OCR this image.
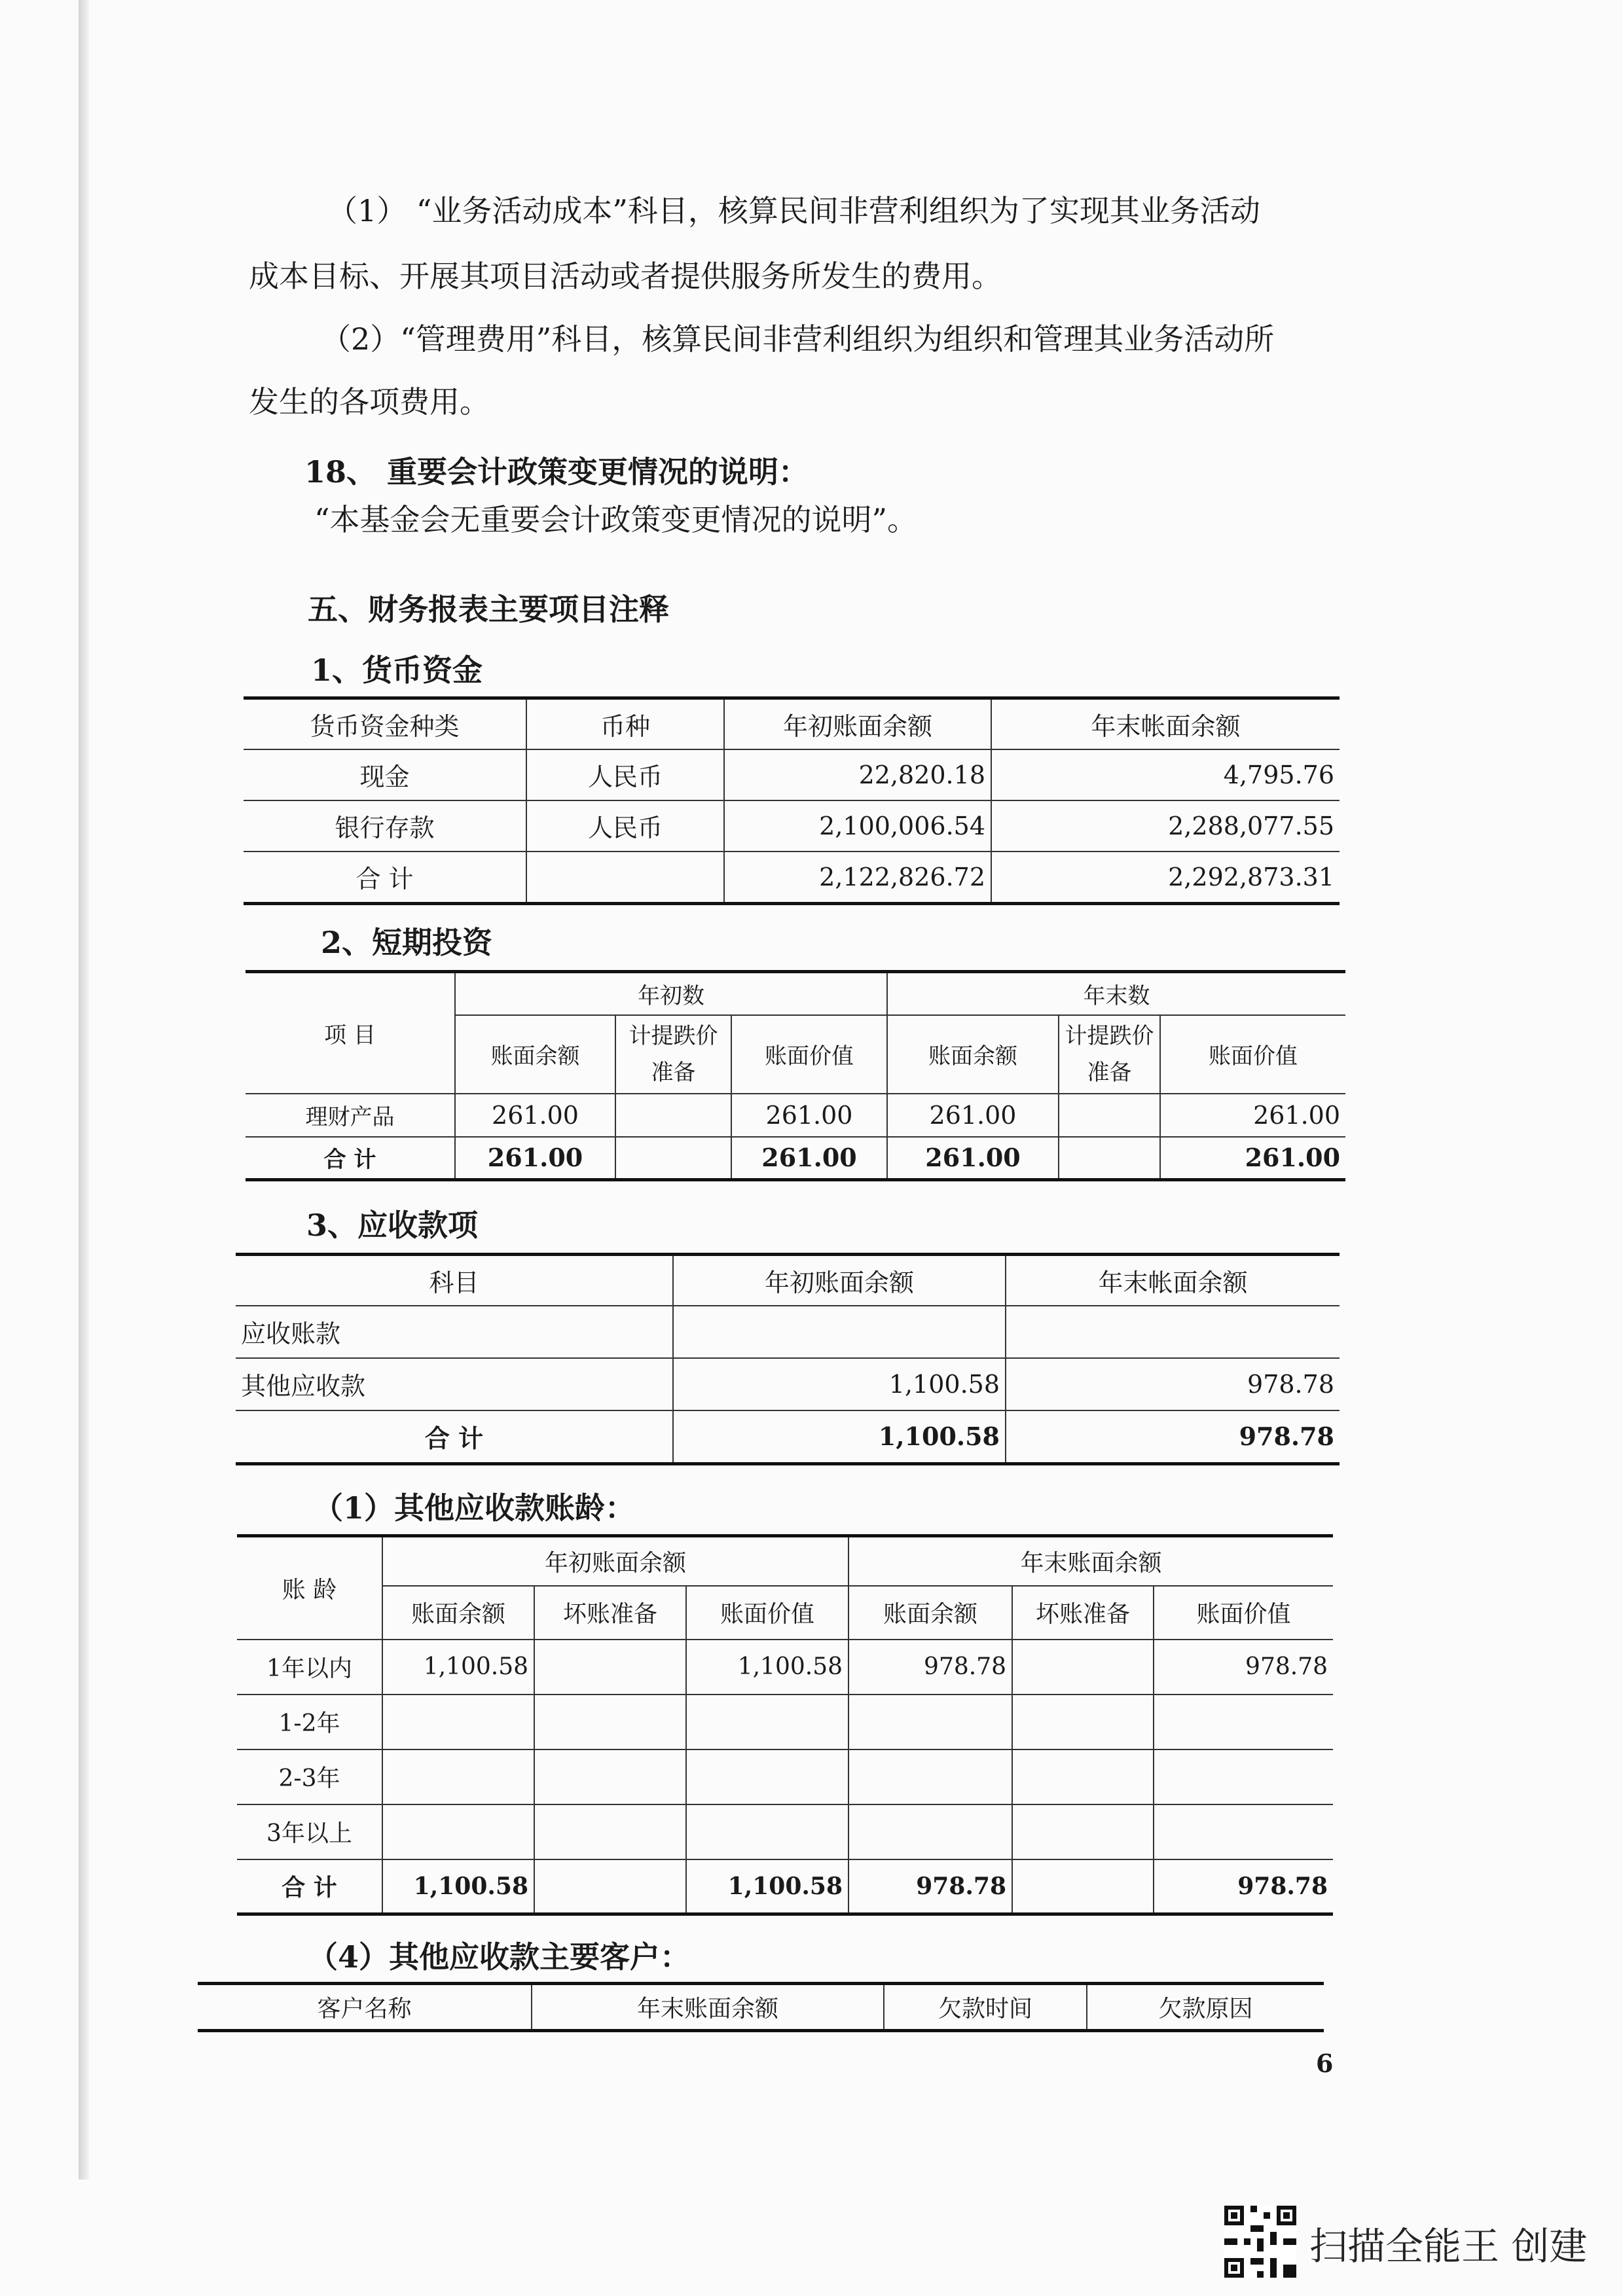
（1） “业务活动成本”科目，核算民间非营利组织为了实现其业务活动
成本目标、开展其项目活动或者提供服务所发生的费用。
（2）“管理费用”科目，核算民间非营利组织为组织和管理其业务活动所
发生的各项费用。
18、 重要会计政策变更情况的说明：
“本基金会无重要会计政策变更情况的说明”。
五、财务报表主要项目注释
1、货币资金
货币资金种类	币种	年初账面余额	年末帐面余额
现金	人民币	22,820.18	4,795.76
银行存款	人民币	2,100,006.54	2,288,077.55
合 计		2,122,826.72	2,292,873.31
2、短期投资
项 目	年初数			年末数		
	账面余额	计提跌价准备	账面价值	账面余额	计提跌价准备	账面价值
理财产品	261.00		261.00	261.00		261.00
合 计	261.00		261.00	261.00		261.00
3、应收款项
科目	年初账面余额	年末帐面余额
应收账款		
其他应收款	1,100.58	978.78
合 计	1,100.58	978.78
（1）其他应收款账龄：
账 龄	年初账面余额			年末账面余额		
	账面余额	坏账准备	账面价值	账面余额	坏账准备	账面价值
1年以内	1,100.58		1,100.58	978.78		978.78
1-2年						
2-3年						
3年以上						
合 计	1,100.58		1,100.58	978.78		978.78
（4）其他应收款主要客户：
客户名称	年末账面余额	欠款时间	欠款原因
6
扫描全能王 创建
